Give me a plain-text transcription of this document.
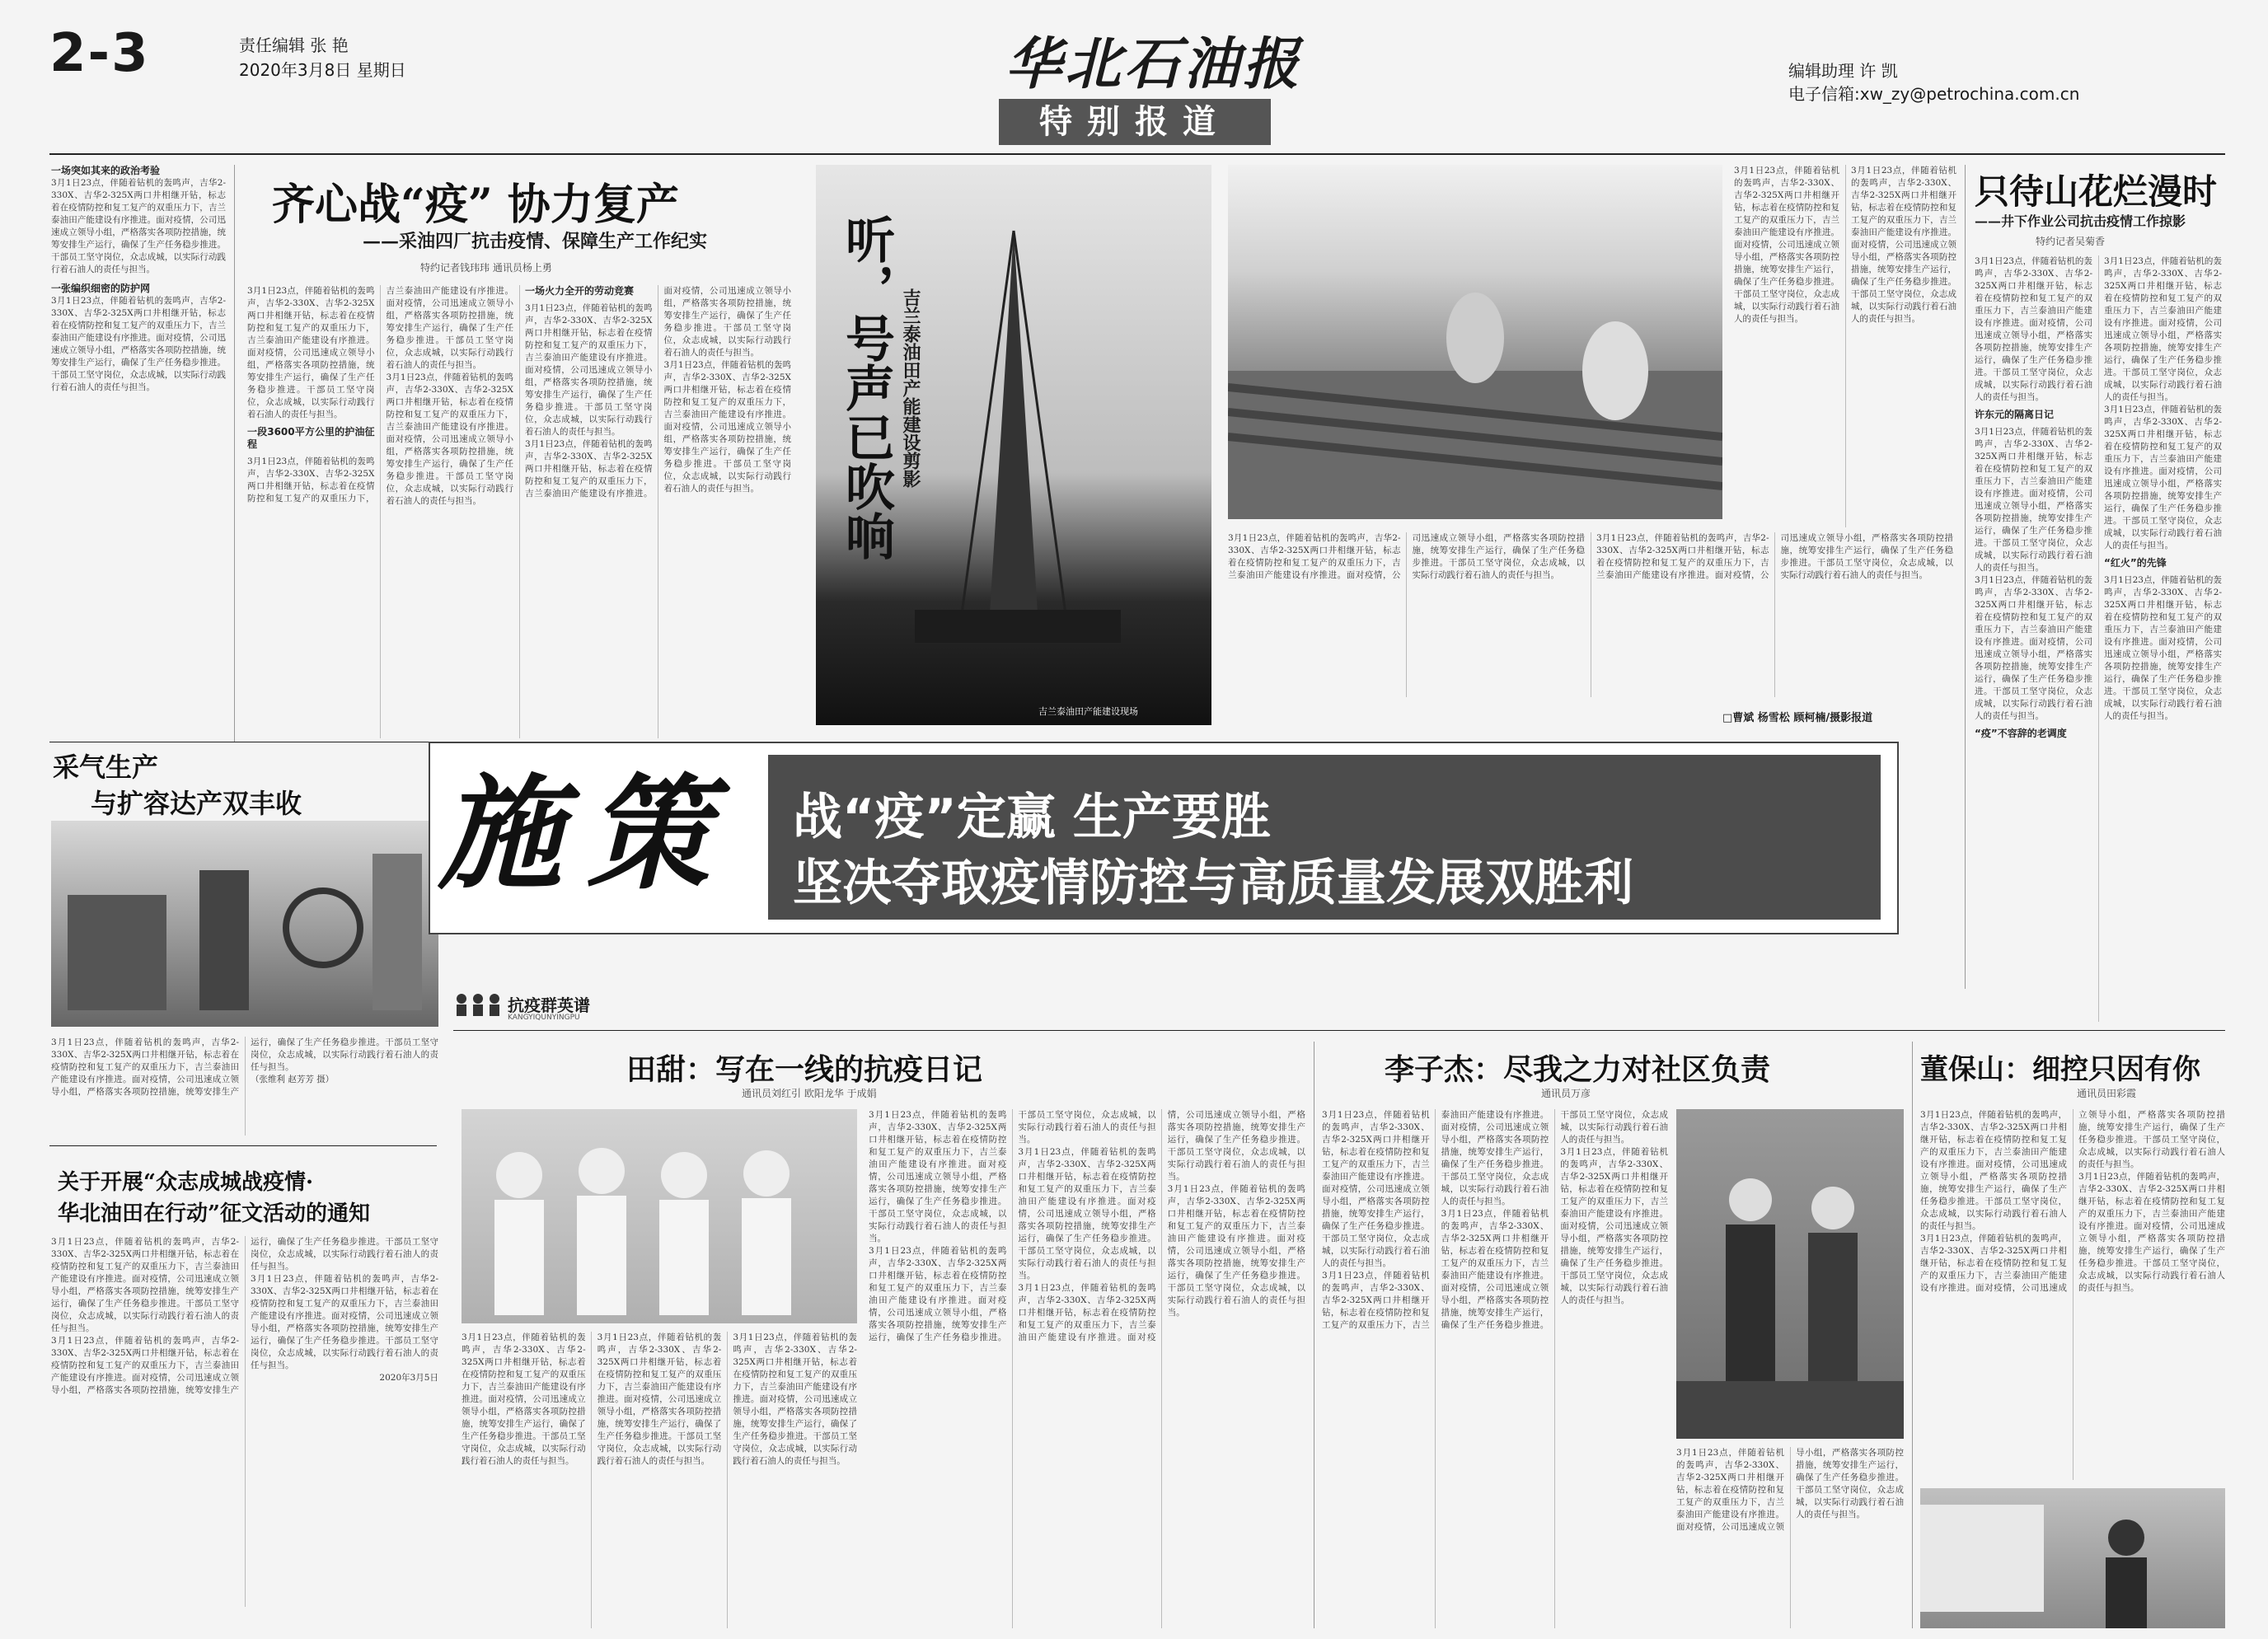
2-3	责任编辑 张 艳
2020年3月8日 星期日	华北石油报
特别报道
编辑助理 许 凯
电子信箱:xw_zy@petrochina.com.cn
一场突如其来的政治考验
3月1日23点，伴随着钻机的轰鸣声，吉华2-330X、吉华2-325X两口井相继开钻，标志着在疫情防控和复工复产的双重压力下，吉兰泰油田产能建设有序推进。面对疫情，公司迅速成立领导小组，严格落实各项防控措施，统筹安排生产运行，确保了生产任务稳步推进。干部员工坚守岗位，众志成城，以实际行动践行着石油人的责任与担当。
一张编织细密的防护网
3月1日23点，伴随着钻机的轰鸣声，吉华2-330X、吉华2-325X两口井相继开钻，标志着在疫情防控和复工复产的双重压力下，吉兰泰油田产能建设有序推进。面对疫情，公司迅速成立领导小组，严格落实各项防控措施，统筹安排生产运行，确保了生产任务稳步推进。干部员工坚守岗位，众志成城，以实际行动践行着石油人的责任与担当。
齐心战“疫” 协力复产
——采油四厂抗击疫情、保障生产工作纪实
特约记者钱玮玮 通讯员杨上勇
3月1日23点，伴随着钻机的轰鸣声，吉华2-330X、吉华2-325X两口井相继开钻，标志着在疫情防控和复工复产的双重压力下，吉兰泰油田产能建设有序推进。面对疫情，公司迅速成立领导小组，严格落实各项防控措施，统筹安排生产运行，确保了生产任务稳步推进。干部员工坚守岗位，众志成城，以实际行动践行着石油人的责任与担当。
一段3600平方公里的护油征程
3月1日23点，伴随着钻机的轰鸣声，吉华2-330X、吉华2-325X两口井相继开钻，标志着在疫情防控和复工复产的双重压力下，吉兰泰油田产能建设有序推进。面对疫情，公司迅速成立领导小组，严格落实各项防控措施，统筹安排生产运行，确保了生产任务稳步推进。干部员工坚守岗位，众志成城，以实际行动践行着石油人的责任与担当。
3月1日23点，伴随着钻机的轰鸣声，吉华2-330X、吉华2-325X两口井相继开钻，标志着在疫情防控和复工复产的双重压力下，吉兰泰油田产能建设有序推进。面对疫情，公司迅速成立领导小组，严格落实各项防控措施，统筹安排生产运行，确保了生产任务稳步推进。干部员工坚守岗位，众志成城，以实际行动践行着石油人的责任与担当。
一场火力全开的劳动竞赛
3月1日23点，伴随着钻机的轰鸣声，吉华2-330X、吉华2-325X两口井相继开钻，标志着在疫情防控和复工复产的双重压力下，吉兰泰油田产能建设有序推进。面对疫情，公司迅速成立领导小组，严格落实各项防控措施，统筹安排生产运行，确保了生产任务稳步推进。干部员工坚守岗位，众志成城，以实际行动践行着石油人的责任与担当。
3月1日23点，伴随着钻机的轰鸣声，吉华2-330X、吉华2-325X两口井相继开钻，标志着在疫情防控和复工复产的双重压力下，吉兰泰油田产能建设有序推进。面对疫情，公司迅速成立领导小组，严格落实各项防控措施，统筹安排生产运行，确保了生产任务稳步推进。干部员工坚守岗位，众志成城，以实际行动践行着石油人的责任与担当。
3月1日23点，伴随着钻机的轰鸣声，吉华2-330X、吉华2-325X两口井相继开钻，标志着在疫情防控和复工复产的双重压力下，吉兰泰油田产能建设有序推进。面对疫情，公司迅速成立领导小组，严格落实各项防控措施，统筹安排生产运行，确保了生产任务稳步推进。干部员工坚守岗位，众志成城，以实际行动践行着石油人的责任与担当。	听，号声已吹响 吉兰泰油田产能建设剪影
吉兰泰油田产能建设现场
3月1日23点，伴随着钻机的轰鸣声，吉华2-330X、吉华2-325X两口井相继开钻，标志着在疫情防控和复工复产的双重压力下，吉兰泰油田产能建设有序推进。面对疫情，公司迅速成立领导小组，严格落实各项防控措施，统筹安排生产运行，确保了生产任务稳步推进。干部员工坚守岗位，众志成城，以实际行动践行着石油人的责任与担当。
3月1日23点，伴随着钻机的轰鸣声，吉华2-330X、吉华2-325X两口井相继开钻，标志着在疫情防控和复工复产的双重压力下，吉兰泰油田产能建设有序推进。面对疫情，公司迅速成立领导小组，严格落实各项防控措施，统筹安排生产运行，确保了生产任务稳步推进。干部员工坚守岗位，众志成城，以实际行动践行着石油人的责任与担当。
3月1日23点，伴随着钻机的轰鸣声，吉华2-330X、吉华2-325X两口井相继开钻，标志着在疫情防控和复工复产的双重压力下，吉兰泰油田产能建设有序推进。面对疫情，公司迅速成立领导小组，严格落实各项防控措施，统筹安排生产运行，确保了生产任务稳步推进。干部员工坚守岗位，众志成城，以实际行动践行着石油人的责任与担当。
3月1日23点，伴随着钻机的轰鸣声，吉华2-330X、吉华2-325X两口井相继开钻，标志着在疫情防控和复工复产的双重压力下，吉兰泰油田产能建设有序推进。面对疫情，公司迅速成立领导小组，严格落实各项防控措施，统筹安排生产运行，确保了生产任务稳步推进。干部员工坚守岗位，众志成城，以实际行动践行着石油人的责任与担当。
□曹斌 杨雪松 顾柯楠/摄影报道
只待山花烂漫时
——井下作业公司抗击疫情工作掠影
特约记者吴菊香
3月1日23点，伴随着钻机的轰鸣声，吉华2-330X、吉华2-325X两口井相继开钻，标志着在疫情防控和复工复产的双重压力下，吉兰泰油田产能建设有序推进。面对疫情，公司迅速成立领导小组，严格落实各项防控措施，统筹安排生产运行，确保了生产任务稳步推进。干部员工坚守岗位，众志成城，以实际行动践行着石油人的责任与担当。
许东元的隔离日记
3月1日23点，伴随着钻机的轰鸣声，吉华2-330X、吉华2-325X两口井相继开钻，标志着在疫情防控和复工复产的双重压力下，吉兰泰油田产能建设有序推进。面对疫情，公司迅速成立领导小组，严格落实各项防控措施，统筹安排生产运行，确保了生产任务稳步推进。干部员工坚守岗位，众志成城，以实际行动践行着石油人的责任与担当。
3月1日23点，伴随着钻机的轰鸣声，吉华2-330X、吉华2-325X两口井相继开钻，标志着在疫情防控和复工复产的双重压力下，吉兰泰油田产能建设有序推进。面对疫情，公司迅速成立领导小组，严格落实各项防控措施，统筹安排生产运行，确保了生产任务稳步推进。干部员工坚守岗位，众志成城，以实际行动践行着石油人的责任与担当。
“疫”不容辞的老调度
3月1日23点，伴随着钻机的轰鸣声，吉华2-330X、吉华2-325X两口井相继开钻，标志着在疫情防控和复工复产的双重压力下，吉兰泰油田产能建设有序推进。面对疫情，公司迅速成立领导小组，严格落实各项防控措施，统筹安排生产运行，确保了生产任务稳步推进。干部员工坚守岗位，众志成城，以实际行动践行着石油人的责任与担当。
3月1日23点，伴随着钻机的轰鸣声，吉华2-330X、吉华2-325X两口井相继开钻，标志着在疫情防控和复工复产的双重压力下，吉兰泰油田产能建设有序推进。面对疫情，公司迅速成立领导小组，严格落实各项防控措施，统筹安排生产运行，确保了生产任务稳步推进。干部员工坚守岗位，众志成城，以实际行动践行着石油人的责任与担当。
“红火”的先锋
3月1日23点，伴随着钻机的轰鸣声，吉华2-330X、吉华2-325X两口井相继开钻，标志着在疫情防控和复工复产的双重压力下，吉兰泰油田产能建设有序推进。面对疫情，公司迅速成立领导小组，严格落实各项防控措施，统筹安排生产运行，确保了生产任务稳步推进。干部员工坚守岗位，众志成城，以实际行动践行着石油人的责任与担当。
采气生产
与扩容达产双丰收
3月1日23点，伴随着钻机的轰鸣声，吉华2-330X、吉华2-325X两口井相继开钻，标志着在疫情防控和复工复产的双重压力下，吉兰泰油田产能建设有序推进。面对疫情，公司迅速成立领导小组，严格落实各项防控措施，统筹安排生产运行，确保了生产任务稳步推进。干部员工坚守岗位，众志成城，以实际行动践行着石油人的责任与担当。
（张维利 赵芳芳 摄）
施策 战“疫”定赢 生产要胜
坚决夺取疫情防控与高质量发展双胜利
关于开展“众志成城战疫情·
华北油田在行动”征文活动的通知
3月1日23点，伴随着钻机的轰鸣声，吉华2-330X、吉华2-325X两口井相继开钻，标志着在疫情防控和复工复产的双重压力下，吉兰泰油田产能建设有序推进。面对疫情，公司迅速成立领导小组，严格落实各项防控措施，统筹安排生产运行，确保了生产任务稳步推进。干部员工坚守岗位，众志成城，以实际行动践行着石油人的责任与担当。
3月1日23点，伴随着钻机的轰鸣声，吉华2-330X、吉华2-325X两口井相继开钻，标志着在疫情防控和复工复产的双重压力下，吉兰泰油田产能建设有序推进。面对疫情，公司迅速成立领导小组，严格落实各项防控措施，统筹安排生产运行，确保了生产任务稳步推进。干部员工坚守岗位，众志成城，以实际行动践行着石油人的责任与担当。
3月1日23点，伴随着钻机的轰鸣声，吉华2-330X、吉华2-325X两口井相继开钻，标志着在疫情防控和复工复产的双重压力下，吉兰泰油田产能建设有序推进。面对疫情，公司迅速成立领导小组，严格落实各项防控措施，统筹安排生产运行，确保了生产任务稳步推进。干部员工坚守岗位，众志成城，以实际行动践行着石油人的责任与担当。
2020年3月5日
抗疫群英谱
KANGYIQUNYINGPU
田甜：写在一线的抗疫日记
通讯员刘红引 欧阳龙华 于成娟
3月1日23点，伴随着钻机的轰鸣声，吉华2-330X、吉华2-325X两口井相继开钻，标志着在疫情防控和复工复产的双重压力下，吉兰泰油田产能建设有序推进。面对疫情，公司迅速成立领导小组，严格落实各项防控措施，统筹安排生产运行，确保了生产任务稳步推进。干部员工坚守岗位，众志成城，以实际行动践行着石油人的责任与担当。
3月1日23点，伴随着钻机的轰鸣声，吉华2-330X、吉华2-325X两口井相继开钻，标志着在疫情防控和复工复产的双重压力下，吉兰泰油田产能建设有序推进。面对疫情，公司迅速成立领导小组，严格落实各项防控措施，统筹安排生产运行，确保了生产任务稳步推进。干部员工坚守岗位，众志成城，以实际行动践行着石油人的责任与担当。
3月1日23点，伴随着钻机的轰鸣声，吉华2-330X、吉华2-325X两口井相继开钻，标志着在疫情防控和复工复产的双重压力下，吉兰泰油田产能建设有序推进。面对疫情，公司迅速成立领导小组，严格落实各项防控措施，统筹安排生产运行，确保了生产任务稳步推进。干部员工坚守岗位，众志成城，以实际行动践行着石油人的责任与担当。
3月1日23点，伴随着钻机的轰鸣声，吉华2-330X、吉华2-325X两口井相继开钻，标志着在疫情防控和复工复产的双重压力下，吉兰泰油田产能建设有序推进。面对疫情，公司迅速成立领导小组，严格落实各项防控措施，统筹安排生产运行，确保了生产任务稳步推进。干部员工坚守岗位，众志成城，以实际行动践行着石油人的责任与担当。
3月1日23点，伴随着钻机的轰鸣声，吉华2-330X、吉华2-325X两口井相继开钻，标志着在疫情防控和复工复产的双重压力下，吉兰泰油田产能建设有序推进。面对疫情，公司迅速成立领导小组，严格落实各项防控措施，统筹安排生产运行，确保了生产任务稳步推进。干部员工坚守岗位，众志成城，以实际行动践行着石油人的责任与担当。
3月1日23点，伴随着钻机的轰鸣声，吉华2-330X、吉华2-325X两口井相继开钻，标志着在疫情防控和复工复产的双重压力下，吉兰泰油田产能建设有序推进。面对疫情，公司迅速成立领导小组，严格落实各项防控措施，统筹安排生产运行，确保了生产任务稳步推进。干部员工坚守岗位，众志成城，以实际行动践行着石油人的责任与担当。
3月1日23点，伴随着钻机的轰鸣声，吉华2-330X、吉华2-325X两口井相继开钻，标志着在疫情防控和复工复产的双重压力下，吉兰泰油田产能建设有序推进。面对疫情，公司迅速成立领导小组，严格落实各项防控措施，统筹安排生产运行，确保了生产任务稳步推进。干部员工坚守岗位，众志成城，以实际行动践行着石油人的责任与担当。
3月1日23点，伴随着钻机的轰鸣声，吉华2-330X、吉华2-325X两口井相继开钻，标志着在疫情防控和复工复产的双重压力下，吉兰泰油田产能建设有序推进。面对疫情，公司迅速成立领导小组，严格落实各项防控措施，统筹安排生产运行，确保了生产任务稳步推进。干部员工坚守岗位，众志成城，以实际行动践行着石油人的责任与担当。
李子杰：尽我之力对社区负责
通讯员万彦
3月1日23点，伴随着钻机的轰鸣声，吉华2-330X、吉华2-325X两口井相继开钻，标志着在疫情防控和复工复产的双重压力下，吉兰泰油田产能建设有序推进。面对疫情，公司迅速成立领导小组，严格落实各项防控措施，统筹安排生产运行，确保了生产任务稳步推进。干部员工坚守岗位，众志成城，以实际行动践行着石油人的责任与担当。
3月1日23点，伴随着钻机的轰鸣声，吉华2-330X、吉华2-325X两口井相继开钻，标志着在疫情防控和复工复产的双重压力下，吉兰泰油田产能建设有序推进。面对疫情，公司迅速成立领导小组，严格落实各项防控措施，统筹安排生产运行，确保了生产任务稳步推进。干部员工坚守岗位，众志成城，以实际行动践行着石油人的责任与担当。
3月1日23点，伴随着钻机的轰鸣声，吉华2-330X、吉华2-325X两口井相继开钻，标志着在疫情防控和复工复产的双重压力下，吉兰泰油田产能建设有序推进。面对疫情，公司迅速成立领导小组，严格落实各项防控措施，统筹安排生产运行，确保了生产任务稳步推进。干部员工坚守岗位，众志成城，以实际行动践行着石油人的责任与担当。
3月1日23点，伴随着钻机的轰鸣声，吉华2-330X、吉华2-325X两口井相继开钻，标志着在疫情防控和复工复产的双重压力下，吉兰泰油田产能建设有序推进。面对疫情，公司迅速成立领导小组，严格落实各项防控措施，统筹安排生产运行，确保了生产任务稳步推进。干部员工坚守岗位，众志成城，以实际行动践行着石油人的责任与担当。
3月1日23点，伴随着钻机的轰鸣声，吉华2-330X、吉华2-325X两口井相继开钻，标志着在疫情防控和复工复产的双重压力下，吉兰泰油田产能建设有序推进。面对疫情，公司迅速成立领导小组，严格落实各项防控措施，统筹安排生产运行，确保了生产任务稳步推进。干部员工坚守岗位，众志成城，以实际行动践行着石油人的责任与担当。
董保山：细控只因有你
通讯员田彩霞
3月1日23点，伴随着钻机的轰鸣声，吉华2-330X、吉华2-325X两口井相继开钻，标志着在疫情防控和复工复产的双重压力下，吉兰泰油田产能建设有序推进。面对疫情，公司迅速成立领导小组，严格落实各项防控措施，统筹安排生产运行，确保了生产任务稳步推进。干部员工坚守岗位，众志成城，以实际行动践行着石油人的责任与担当。
3月1日23点，伴随着钻机的轰鸣声，吉华2-330X、吉华2-325X两口井相继开钻，标志着在疫情防控和复工复产的双重压力下，吉兰泰油田产能建设有序推进。面对疫情，公司迅速成立领导小组，严格落实各项防控措施，统筹安排生产运行，确保了生产任务稳步推进。干部员工坚守岗位，众志成城，以实际行动践行着石油人的责任与担当。
3月1日23点，伴随着钻机的轰鸣声，吉华2-330X、吉华2-325X两口井相继开钻，标志着在疫情防控和复工复产的双重压力下，吉兰泰油田产能建设有序推进。面对疫情，公司迅速成立领导小组，严格落实各项防控措施，统筹安排生产运行，确保了生产任务稳步推进。干部员工坚守岗位，众志成城，以实际行动践行着石油人的责任与担当。
